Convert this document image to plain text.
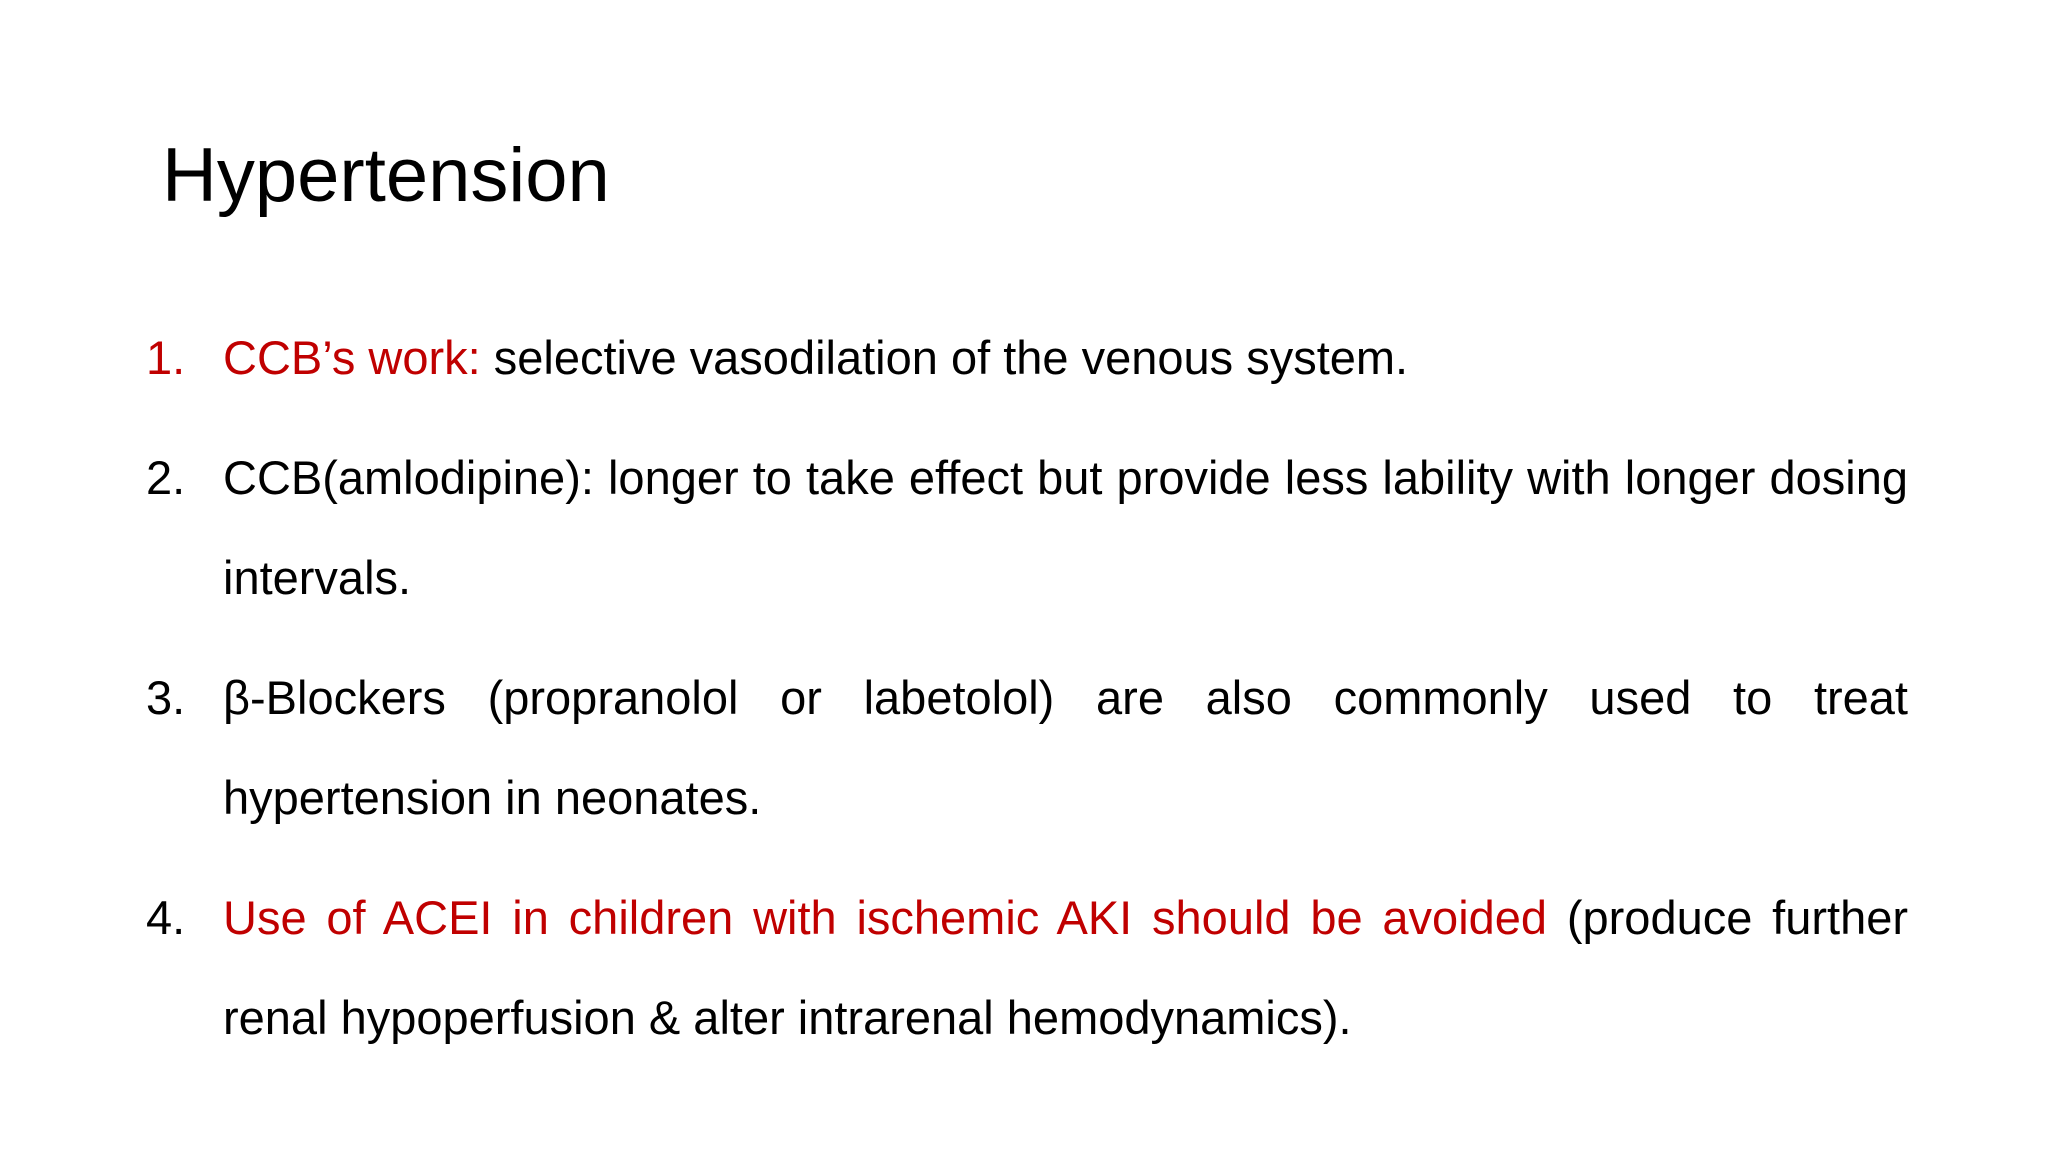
Hypertension
1. CCB’s work: selective vasodilation of the venous system.
2. CCB(amlodipine): longer to take effect but provide less lability with longer dosing intervals.
3. β-Blockers (propranolol or labetolol) are also commonly used to treat hypertension in neonates.
4. Use of ACEI in children with ischemic AKI should be avoided (produce further renal hypoperfusion & alter intrarenal hemodynamics).
